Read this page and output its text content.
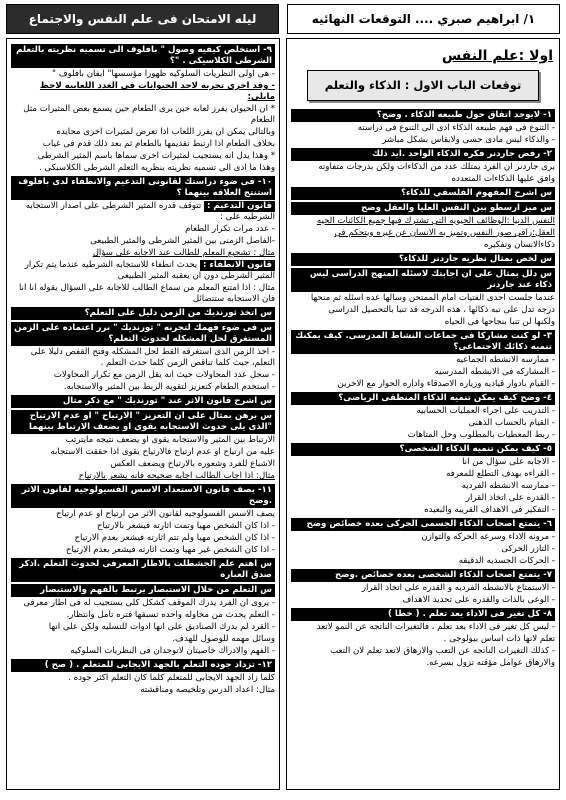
١/ ابراهيم صبري .... التوقعات النهائيه
ليله الامتحان فى علم النفس والاجتماع
اولا :علم النفس
توقعات الباب الاول : الذكاء والتعلم
١- لايوجد اتفاق حول طبيعه الذكاء . وضح؟

- التنوع فى فهم طبيعه الذكاء ادى الى التنوع فى دراسته

- والذكاء ليس مادى حسى ولايقاس بشكل مباشر

٢- رفض جاردنر فكره الذكاء الواحد .ايد ذلك

يرى جاردنر ان الفرد يمتلك عدد من الذكاءات ولكن بدرجات متفاوته

وافق عليها الذكاءات المتعدده

س اشرح المفهوم الفلسفي للذكاء؟
س ميز ارسطو بين النفس العليا والعقل وضح

النفس الدنيا :الوظائف الحيويه التى تشترك فيها جميع الكائنات الحيه

العقل:راقى صور النفس وتميز به الانسان عن غيره ويتحكم فى

ذكاءالانسان وتفكيره

س لخص بمثال نظريه جاردنر للذكاء؟
س دلل بمثال على ان اجابتك لاسئله المنهج الدراسى ليس ذكاء عند جاردنر

عندما جلست احدى الفتيات امام الممتحن وسالها عده اسئله ثم منحها

درجه تدل على تبه ذكائها ، هذه الدرجه قد تنبا بالتحصيل الدراسى

ولكنها لن تنبا بنجاحها فى الحياه

٣- لو كنت مشاركا فى جماعات النشاط المدرسى. كيف يمكنك تنميه ذكائك الاجتماعى؟

- ممارسه الانشطه الجماعيه

- المشاركه فى الانشطه المدرسيه

- القيام بادوار قياديه وزياره الاصدقاء واداره الحوار مع الاخرين

٤- وضح كيف يمكن تنميه الذكاء المنطقى الرياضى؟

- التدريب على اجراء العمليات الحسابيه

- القيام بالحساب الذهنى

- ربط المعطيات بالمطلوب وحل المتاهات

٥- كيف يمكن تنميه الذكاء الشخصى؟

- الاجابه على سؤال من انا

- القراءه بهدف التطلع للمعرفه

- ممارسه الانشطه الفرديه

- القدره على اتخاذ القرار

- التفكير فى الاهداف القريبه والبعيده

٦- يتمتع اصحاب الذكاء الجسمى الحركى بعده خصائص وضح

- مرونه الاداء وسرعه الحركه والتوازن

- التازر الحركى

- الحركات الجسديه الدقيقه

٧- يتمتع اصحاب الذكاء الشخصى بعده خصائص .وضح

- الاستمتاع بالانشطه الفرديه و القدره على اتخاذ القرار

- الوعى بالذات والقدره على تحديد الاهداف

٨- كل تغير فى الاداء يعد تعلم . ( خطا )

- ليس كل تغير فى الاداء يعد تعلم ، فالتغيرات الناتجه عن النمو لاتعد

تعلم لانها ذات اساس بيولوجى .

- كذلك التغيرات الناتجه عن التعب والارهاق لاتعد تعلم لان التعب

والارهاق عوامل مؤقته تزول بسرعه.

٩- استخلص كيفيه وصول " بافلوف الى تسميه نظريته بالتعلم الشرطى الكلاسيكى . "؟

- هى اولى النظريات السلوكيه ظهورا مؤسسها" ايفان بافلوف "

- وقد اجرى تجربه لاحد الحيوانات فى الغدد اللعابيه لاحظ مايلى:

* ان الحيوان يفرز لعابه حين يرى الطعام حين يسمع بعض المثيرات مثل الطعام

وبالتالى يمكن ان يفرز اللعاب اذا تعرض لمثيرات اخرى محايده

بخلاف الطعام اذا ارتبط تقديمها بالطعام ثم بعد ذلك قدم فى غياب

* وهذا يدل انه يستجيب لمثيرات اخرى سماها باسم المثير الشرطى

وهذا ما ادى الى تسميه نظريته بنظريه التعلم الشرطى الكلاسيكى .

١٠- فى ضوء دراستك لقانونى التدعيم والانطفاء لدى بافلوف استنتج العلاقه بينهما ؟

قانون التدعيم : تتوقف قدره المثير الشرطى على اصدار الاستجابه الشرطيه على :

- عدد مرات تكرار الطعام

-الفاصل الزمنى بين المثير الشرطى والمثير الطبيعى

مثال : تشجيع المعلم للطالب عند الاجابه على سؤال

قانون الانطفاء : يحدث انطفاء للاستجابه الشرطيه عندما يتم تكرار المثير الشرطى دون ان يعقبه المثير الطبيعى

مثال : اذا امتنع المعلم من سماع الطالب للاجابه على السؤال يقوله انا انا فان الاستجابه ستتضائل

س اتخذ ثورنديك من الزمن دليل على التعلم؟
س فى ضوء فهمك لتجربه " ثورنديك " برر اعتماده على الزمن المستغرق لحل المشكله لحدوث التعلم؟

- اخذ الزمن الذى استغرقه القط لحل المشكله وفتح القفص دليلا على التعلم، حيث كلما تناقص الزمن كلما حدث التعلم .

- سجل عدد المحاولات حيث انه يقل الزمن مع تكرار المحاولات

- استخدم الطعام كتعزيز لتقويه الربط بين المثير والاستجابه.

س اشرح قانون الاثر عند " ثورنديك " مع ذكر مثال
س برهن بمثال على ان التعزيز " الارتياح " او عدم الارتياح "الذى يلى حدوث الاستجابه يقوى او يضعف الارتباط بينهما

الارتباط بين المثير والاستجابه يقوى او يضعف نتيجه مايترتب

عليه من ارتياح او عدم ارتياح فالارتياح يقوى اذا حققت الاستجابه

الاشباع للفرد وشعوره بالارتياح ويضعف العكس

مثال: اذا اجاب الطالب اجابه صحيحه فانه يشعر بالارتياح

١١- يصف قانون الاستعداد الاسس الفسيولوجيه لقانون الاثر .وضح

يصف الاسس الفسولوجيه لقانون الاثر من ارتياح او عدم ارتياح

- اذا كان الشخص مهيا وتمت اثارته فيشعر بالارتياح

- اذا كان الشخص مهيا ولم تتم اثارته فيشعر بعدم الارتياح

- اذا كان الشخص غير مهيا وتمت اثارته فيشعر بعدم الارتياح

س اهتم علم الجشطلت بالاطار المعرفى لحدوث التعلم .اذكر صدق العباره
س التعلم من خلال الاستبصار يرتبط بالفهم والاستبصار

- يروى ان الفرد يدرك الموقف كشكل كلى يستجيب له فى اطار معرفى

- التعلم يحدث من محاوله واحده تسبقها فتره تامل وانتظار.

- القرد لم يدرك الصناديق على انها ادوات للتسليه ولكن على انها

وسائل مهمه للوصول للهدف.

- الفهم والادراك خاصيتان لاتوجدان فى النظريات السلوكيه

١٢- تزداد جوده التعلم بالجهد الايجابى للمتعلم . ( صح )

كلما زاد الجهد الايجابى للمتعلم كلما كان التعلم اكثر جوده .

مثال: اعداد الدرس وتلخيصه ومناقشته
